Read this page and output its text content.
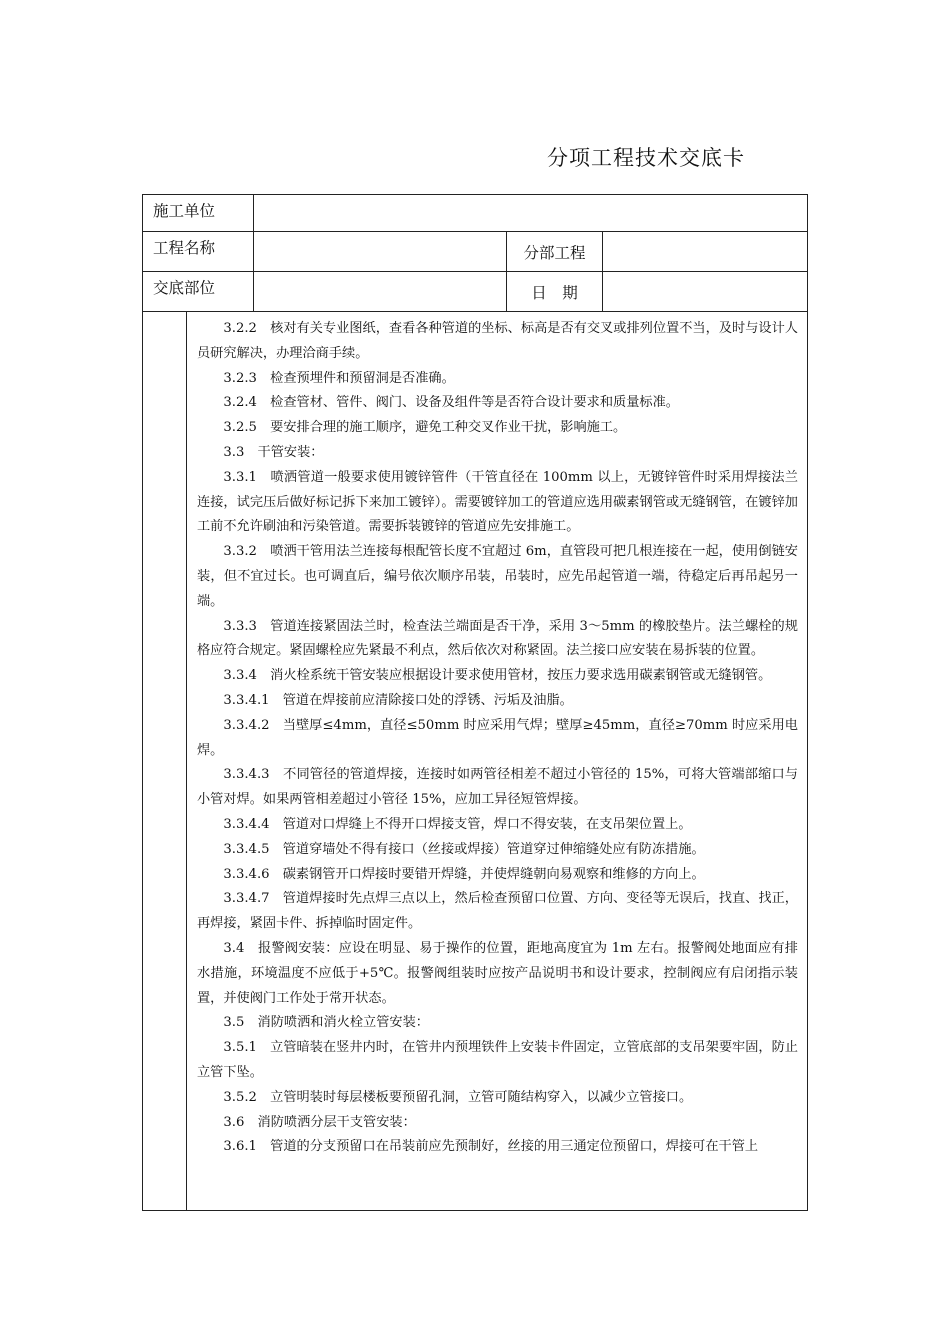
分项工程技术交底卡
施工单位			
工程名称		分部工程	
交底部位		日　期	

3.2.2　核对有关专业图纸，查看各种管道的坐标、标高是否有交叉或排列位置不当，及时与设计人员研究解决，办理洽商手续。

3.2.3　检查预埋件和预留洞是否准确。

3.2.4　检查管材、管件、阀门、设备及组件等是否符合设计要求和质量标准。

3.2.5　要安排合理的施工顺序，避免工种交叉作业干扰，影响施工。

3.3　干管安装：

3.3.1　喷洒管道一般要求使用镀锌管件（干管直径在 100mm 以上，无镀锌管件时采用焊接法兰连接，试完压后做好标记拆下来加工镀锌）。需要镀锌加工的管道应选用碳素钢管或无缝钢管，在镀锌加工前不允许刷油和污染管道。需要拆装镀锌的管道应先安排施工。

3.3.2　喷洒干管用法兰连接每根配管长度不宜超过 6m，直管段可把几根连接在一起，使用倒链安装，但不宜过长。也可调直后，编号依次顺序吊装，吊装时，应先吊起管道一端，待稳定后再吊起另一端。

3.3.3　管道连接紧固法兰时，检查法兰端面是否干净，采用 3～5mm 的橡胶垫片。法兰螺栓的规格应符合规定。紧固螺栓应先紧最不利点，然后依次对称紧固。法兰接口应安装在易拆装的位置。

3.3.4　消火栓系统干管安装应根据设计要求使用管材，按压力要求选用碳素钢管或无缝钢管。

3.3.4.1　管道在焊接前应清除接口处的浮锈、污垢及油脂。

3.3.4.2　当壁厚≤4mm，直径≤50mm 时应采用气焊；壁厚≥45mm，直径≥70mm 时应采用电焊。

3.3.4.3　不同管径的管道焊接，连接时如两管径相差不超过小管径的 15%，可将大管端部缩口与小管对焊。如果两管相差超过小管径 15%，应加工异径短管焊接。

3.3.4.4　管道对口焊缝上不得开口焊接支管，焊口不得安装，在支吊架位置上。

3.3.4.5　管道穿墙处不得有接口（丝接或焊接）管道穿过伸缩缝处应有防冻措施。

3.3.4.6　碳素钢管开口焊接时要错开焊缝，并使焊缝朝向易观察和维修的方向上。

3.3.4.7　管道焊接时先点焊三点以上，然后检查预留口位置、方向、变径等无误后，找直、找正，再焊接，紧固卡件、拆掉临时固定件。

3.4　报警阀安装：应设在明显、易于操作的位置，距地高度宜为 1m 左右。报警阀处地面应有排水措施，环境温度不应低于+5℃。报警阀组装时应按产品说明书和设计要求，控制阀应有启闭指示装置，并使阀门工作处于常开状态。

3.5　消防喷洒和消火栓立管安装：

3.5.1　立管暗装在竖井内时，在管井内预埋铁件上安装卡件固定，立管底部的支吊架要牢固，防止立管下坠。

3.5.2　立管明装时每层楼板要预留孔洞，立管可随结构穿入，以减少立管接口。

3.6　消防喷洒分层干支管安装：

3.6.1　管道的分支预留口在吊装前应先预制好，丝接的用三通定位预留口，焊接可在干管上
